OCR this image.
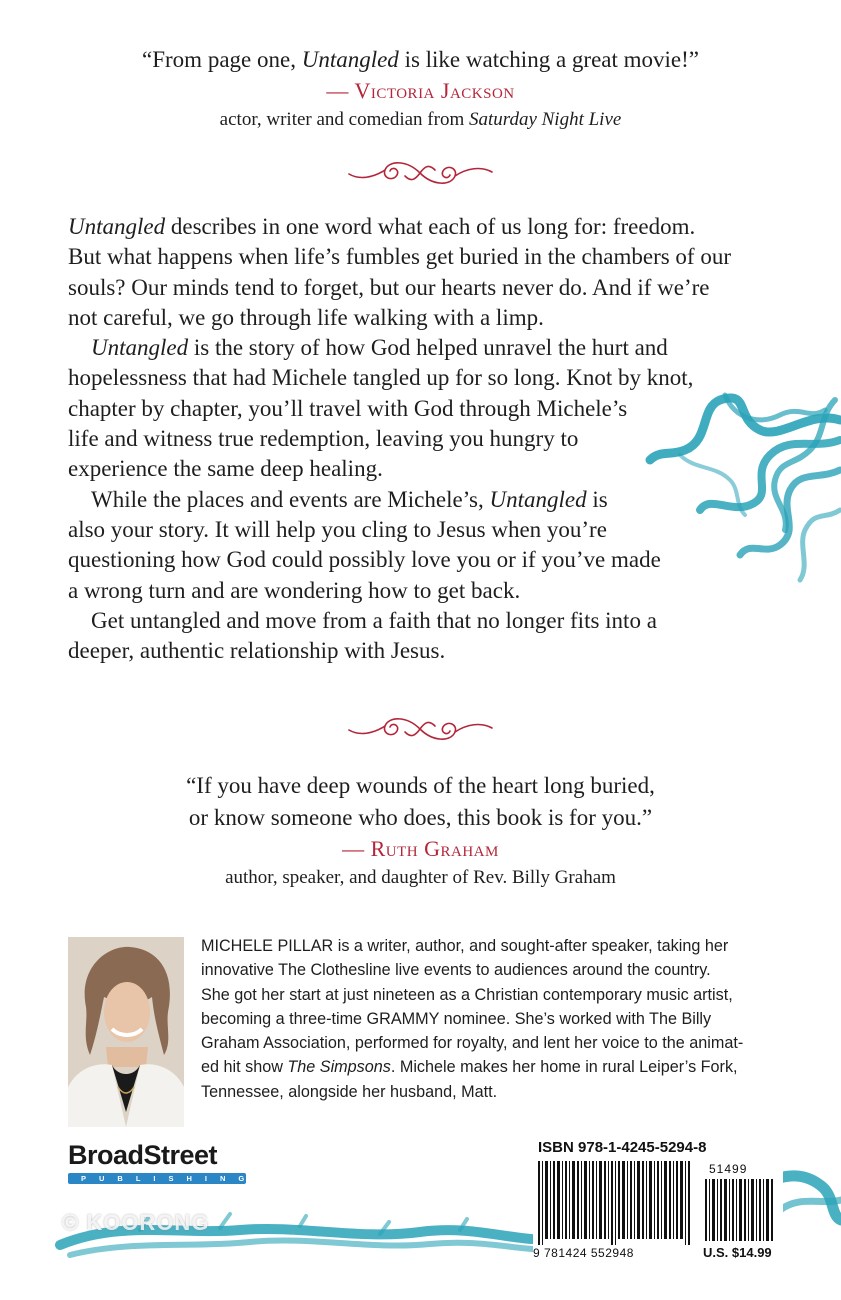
“From page one, Untangled is like watching a great movie!”
— Victoria Jackson
actor, writer and comedian from Saturday Night Live

Untangled describes in one word what each of us long for: freedom.
But what happens when life’s fumbles get buried in the chambers of our
souls? Our minds tend to forget, but our hearts never do. And if we’re
not careful, we go through life walking with a limp.

Untangled is the story of how God helped unravel the hurt and
hopelessness that had Michele tangled up for so long. Knot by knot,
chapter by chapter, you’ll travel with God through Michele’s
life and witness true redemption, leaving you hungry to
experience the same deep healing.

While the places and events are Michele’s, Untangled is
also your story. It will help you cling to Jesus when you’re
questioning how God could possibly love you or if you’ve made
a wrong turn and are wondering how to get back.

Get untangled and move from a faith that no longer fits into a
deeper, authentic relationship with Jesus.

“If you have deep wounds of the heart long buried,
or know someone who does, this book is for you.”
— Ruth Graham
author, speaker, and daughter of Rev. Billy Graham
MICHELE PILLAR is a writer, author, and sought-after speaker, taking her
innovative The Clothesline live events to audiences around the country.
She got her start at just nineteen as a Christian contemporary music artist,
becoming a three-time GRAMMY nominee. She’s worked with The Billy
Graham Association, performed for royalty, and lent her voice to the animat-
ed hit show The Simpsons. Michele makes her home in rural Leiper’s Fork,
Tennessee, alongside her husband, Matt.
BroadStreet
PUBLISHING
© KOORONG
ISBN 978-1-4245-5294-8
51499
9 781424 552948	U.S. $14.99
